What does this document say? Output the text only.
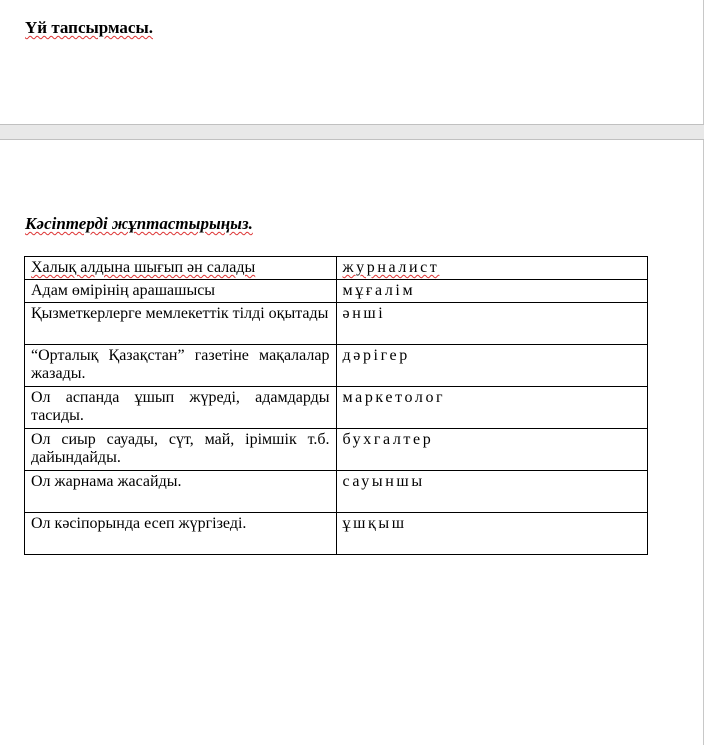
Үй тапсырмасы.

Кәсіптерді жұптастырыңыз.

Халық алдына шығып ән салады	журналист
Адам өмірінің арашашысы	мұғалім
Қызметкерлерге мемлекеттік тілді оқытады	әнші
“Орталық Қазақстан” газетіне мақалалар жазады.	дәрігер
Ол аспанда ұшып жүреді, адамдарды тасиды.	маркетолог
Ол сиыр сауады, сүт, май, ірімшік т.б. дайындайды.	бухгалтер
Ол жарнама жасайды.	сауыншы
Ол кәсіпорында есеп жүргізеді.	ұшқыш
